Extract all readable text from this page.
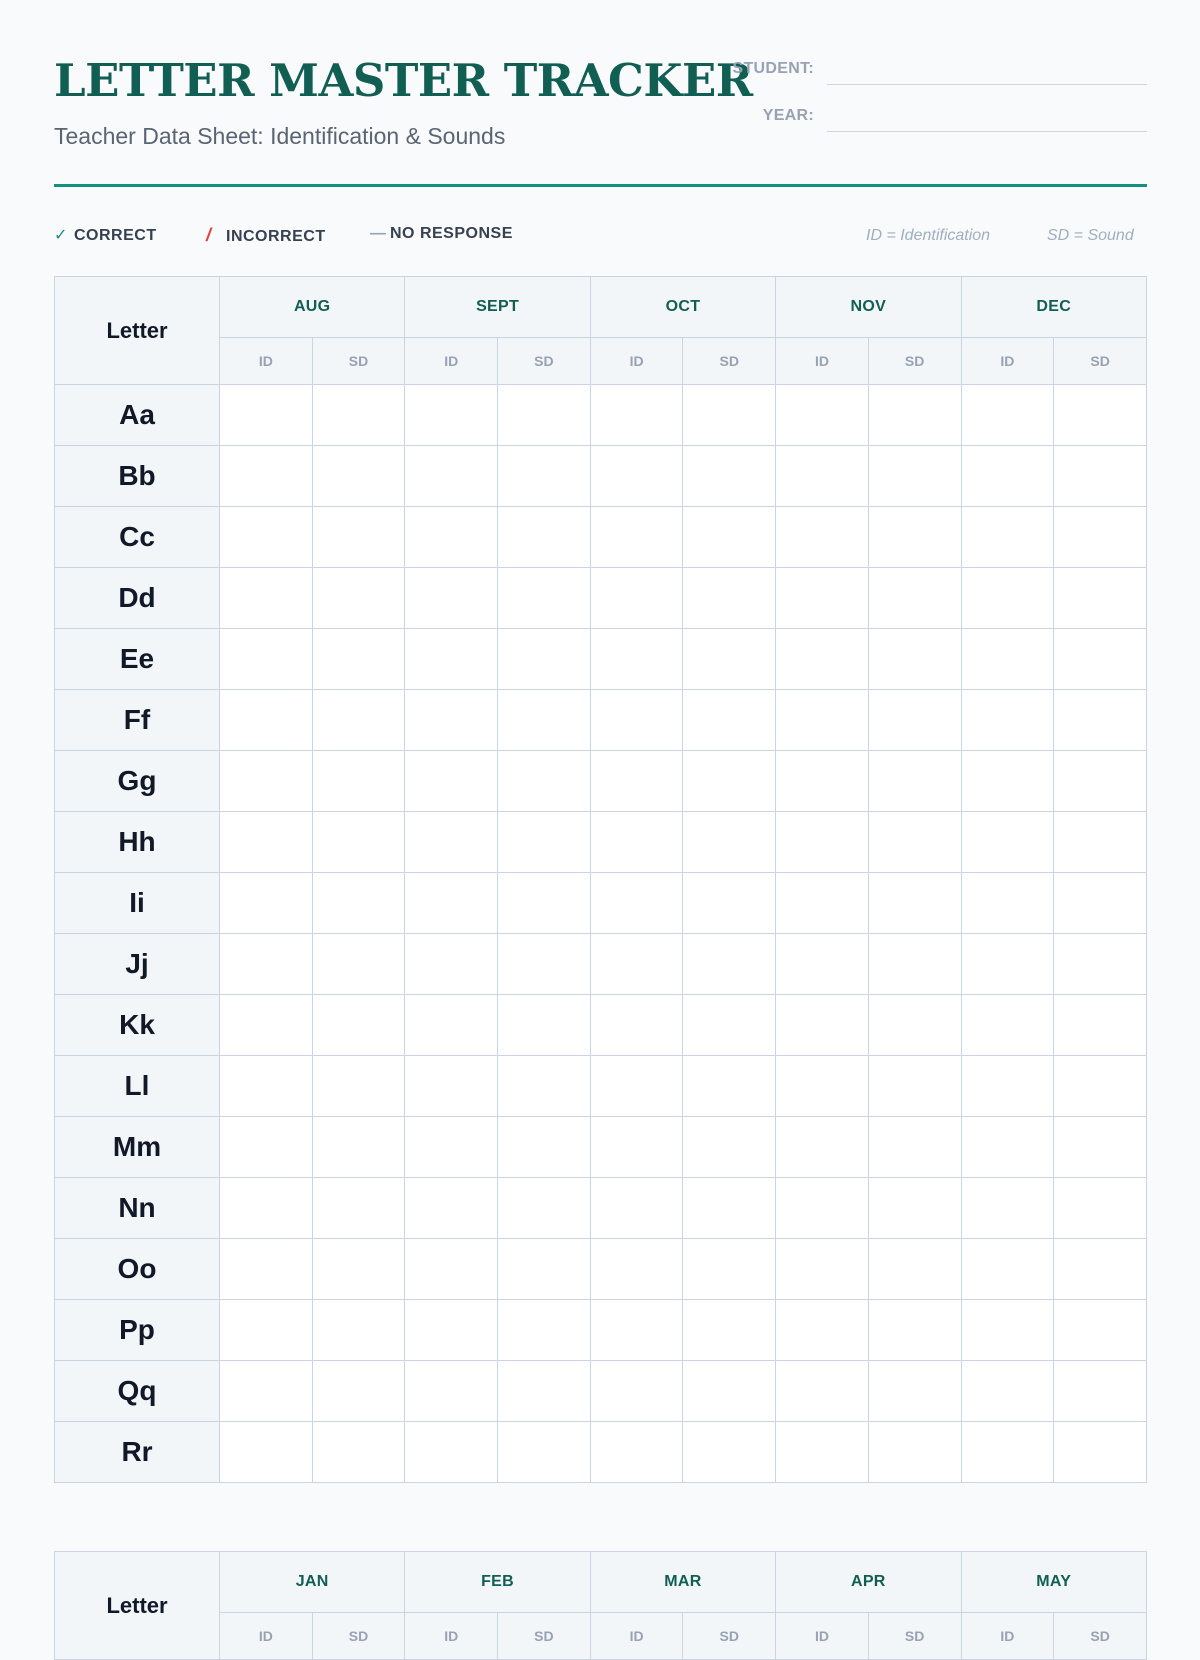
LETTER MASTER TRACKER
Teacher Data Sheet: Identification & Sounds
STUDENT:
YEAR:
✓ CORRECT	/ INCORRECT	— NO RESPONSE	ID = Identification	SD = Sound
Letter	AUG		SEPT		OCT		NOV		DEC	
	ID	SD	ID	SD	ID	SD	ID	SD	ID	SD
Aa										
Bb										
Cc										
Dd										
Ee										
Ff										
Gg										
Hh										
Ii										
Jj										
Kk										
Ll										
Mm										
Nn										
Oo										
Pp										
Qq										
Rr										
Letter	JAN		FEB		MAR		APR		MAY	
	ID	SD	ID	SD	ID	SD	ID	SD	ID	SD
